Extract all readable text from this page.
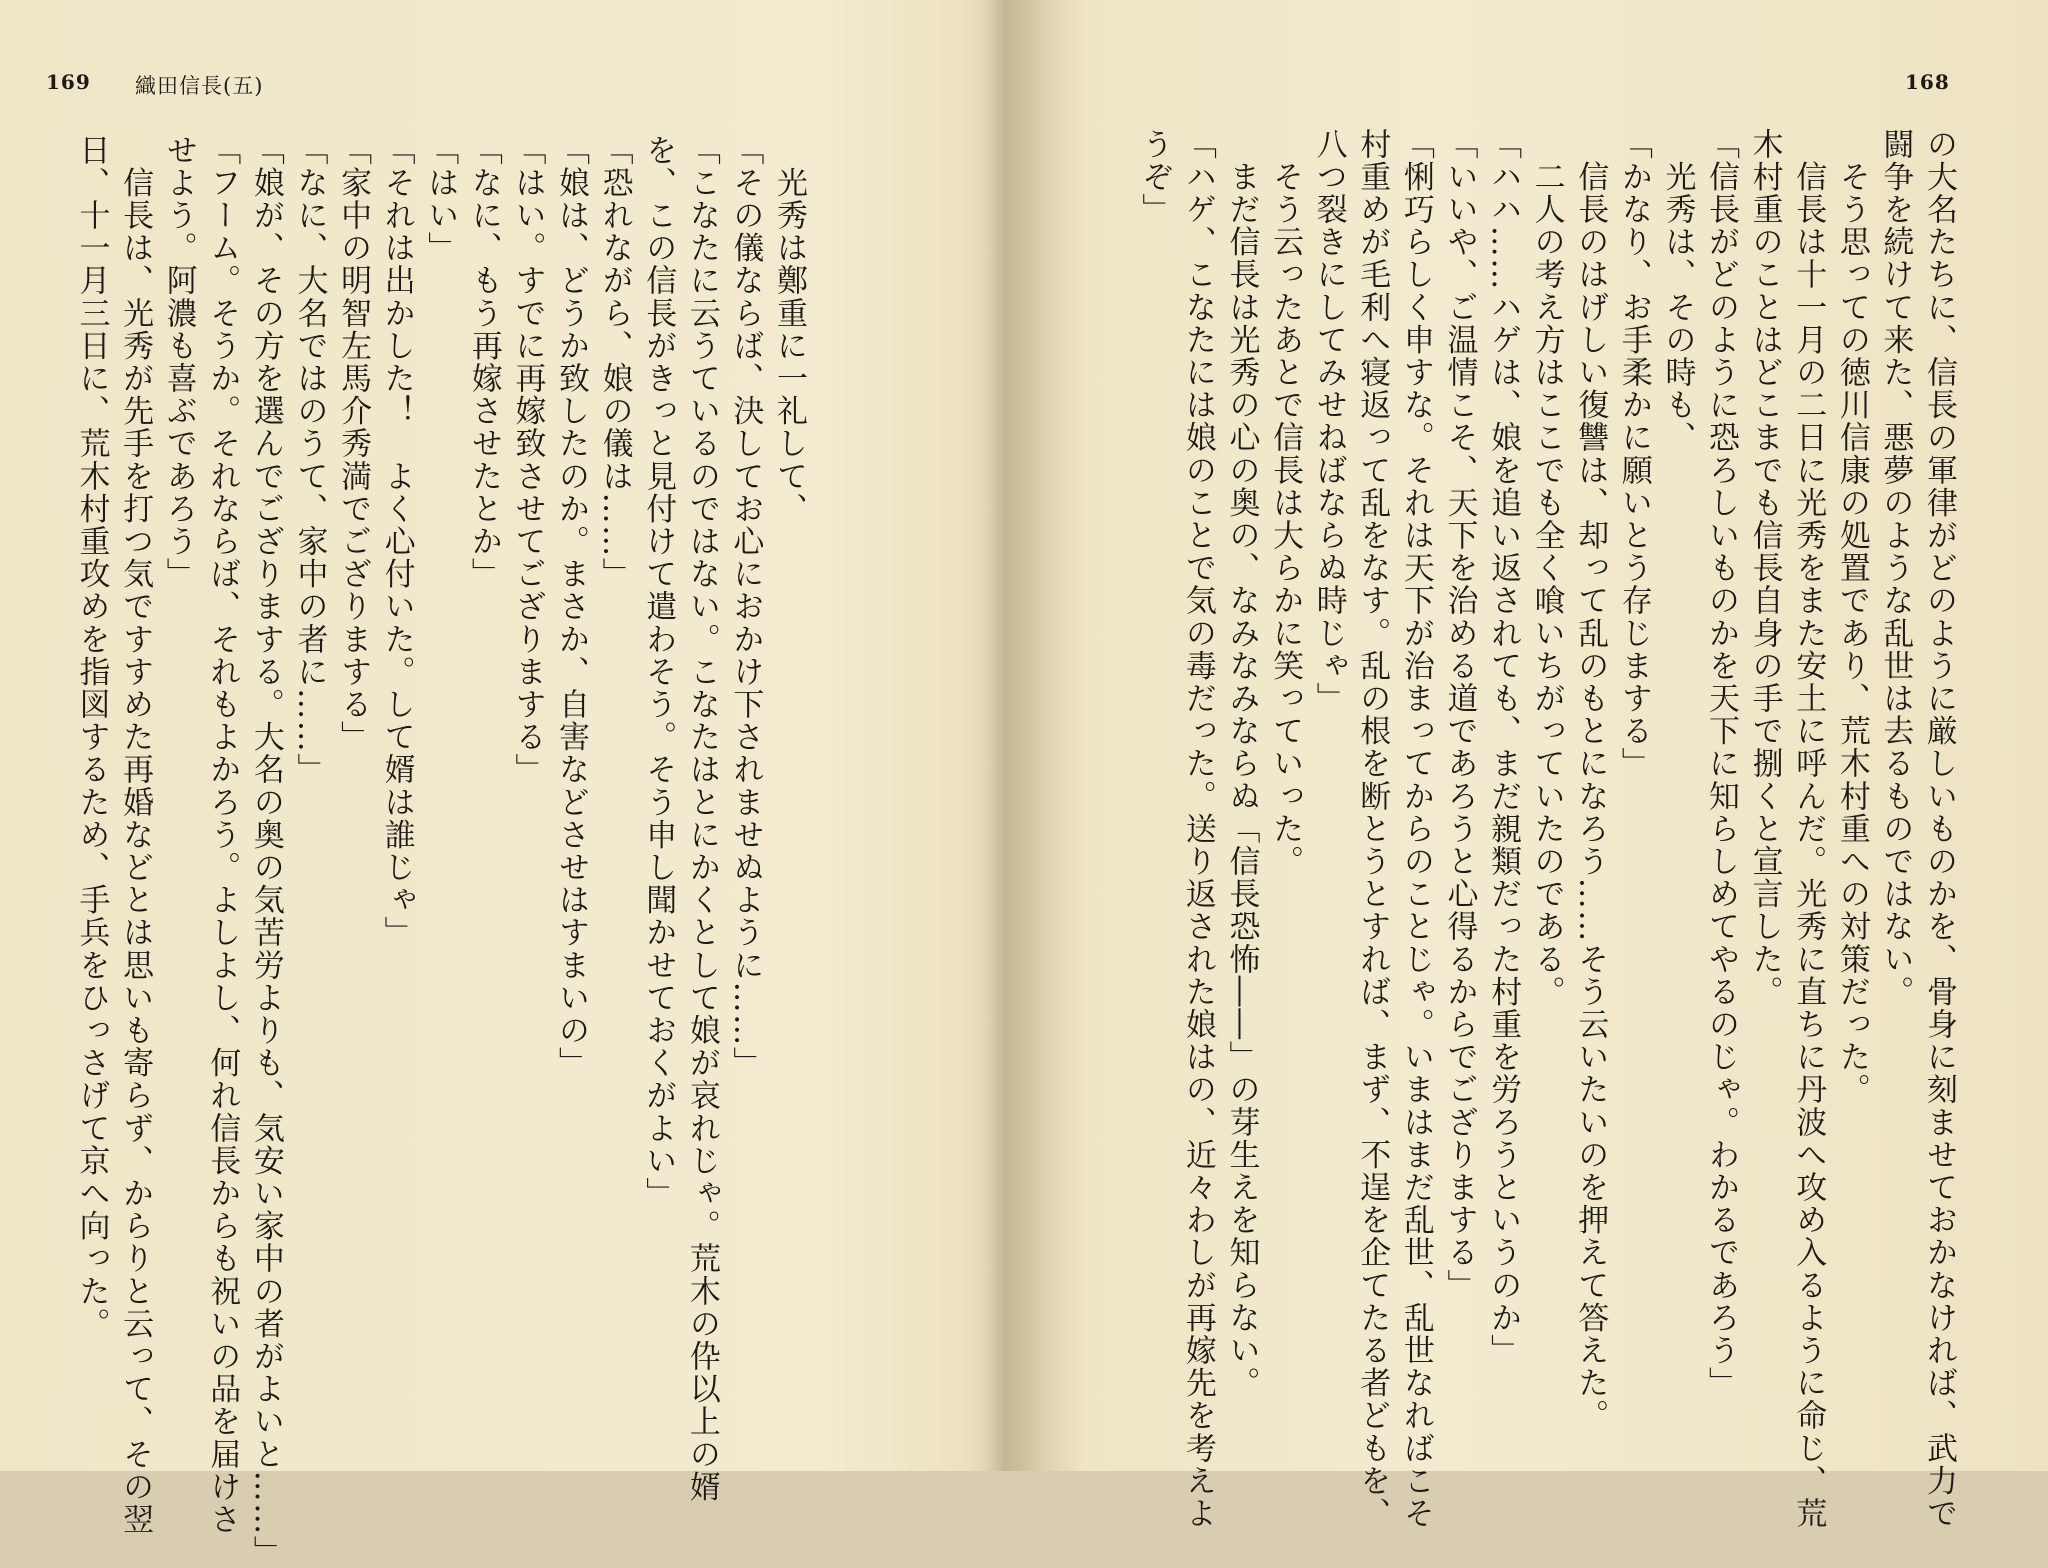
169 織田信長(五)	168
の大名たちに、信長の軍律がどのように厳しいものかを、骨身に刻ませておかなければ、武力で
闘争を続けて来た、悪夢のような乱世は去るものではない。
　そう思っての徳川信康の処置であり、荒木村重への対策だった。
　信長は十一月の二日に光秀をまた安土に呼んだ。光秀に直ちに丹波へ攻め入るように命じ、荒
木村重のことはどこまでも信長自身の手で捌くと宣言した。
「信長がどのように恐ろしいものかを天下に知らしめてやるのじゃ。わかるであろう」
　光秀は、その時も、
「かなり、お手柔かに願いとう存じまする」
　信長のはげしい復讐は、却って乱のもとになろう……そう云いたいのを押えて答えた。
　二人の考え方はここでも全く喰いちがっていたのである。
「ハハ……ハゲは、娘を追い返されても、まだ親類だった村重を労ろうというのか」
「いいや、ご温情こそ、天下を治める道であろうと心得るからでござりまする」
「悧巧らしく申すな。それは天下が治まってからのことじゃ。いまはまだ乱世、乱世なればこそ
村重めが毛利へ寝返って乱をなす。乱の根を断とうとすれば、まず、不逞を企てたる者どもを、
八つ裂きにしてみせねばならぬ時じゃ」
　そう云ったあとで信長は大らかに笑っていった。
　まだ信長は光秀の心の奥の、なみなみならぬ「信長恐怖――」の芽生えを知らない。
「ハゲ、こなたには娘のことで気の毒だった。送り返された娘はの、近々わしが再嫁先を考えよ
うぞ」
　光秀は鄭重に一礼して、
「その儀ならば、決してお心におかけ下されませぬように……」
「こなたに云うているのではない。こなたはとにかくとして娘が哀れじゃ。荒木の伜以上の婿
を、この信長がきっと見付けて遣わそう。そう申し聞かせておくがよい」
「恐れながら、娘の儀は……」
「娘は、どうか致したのか。まさか、自害などさせはすまいの」
「はい。すでに再嫁致させてござりまする」
「なに、もう再嫁させたとか」
「はい」
「それは出かした！　よく心付いた。して婿は誰じゃ」
「家中の明智左馬介秀満でござりまする」
「なに、大名ではのうて、家中の者に……」
「娘が、その方を選んでござりまする。大名の奥の気苦労よりも、気安い家中の者がよいと……」
「フーム。そうか。それならば、それもよかろう。よしよし、何れ信長からも祝いの品を届けさ
せよう。阿濃も喜ぶであろう」
　信長は、光秀が先手を打つ気ですすめた再婚などとは思いも寄らず、からりと云って、その翌
日、十一月三日に、荒木村重攻めを指図するため、手兵をひっさげて京へ向った。
